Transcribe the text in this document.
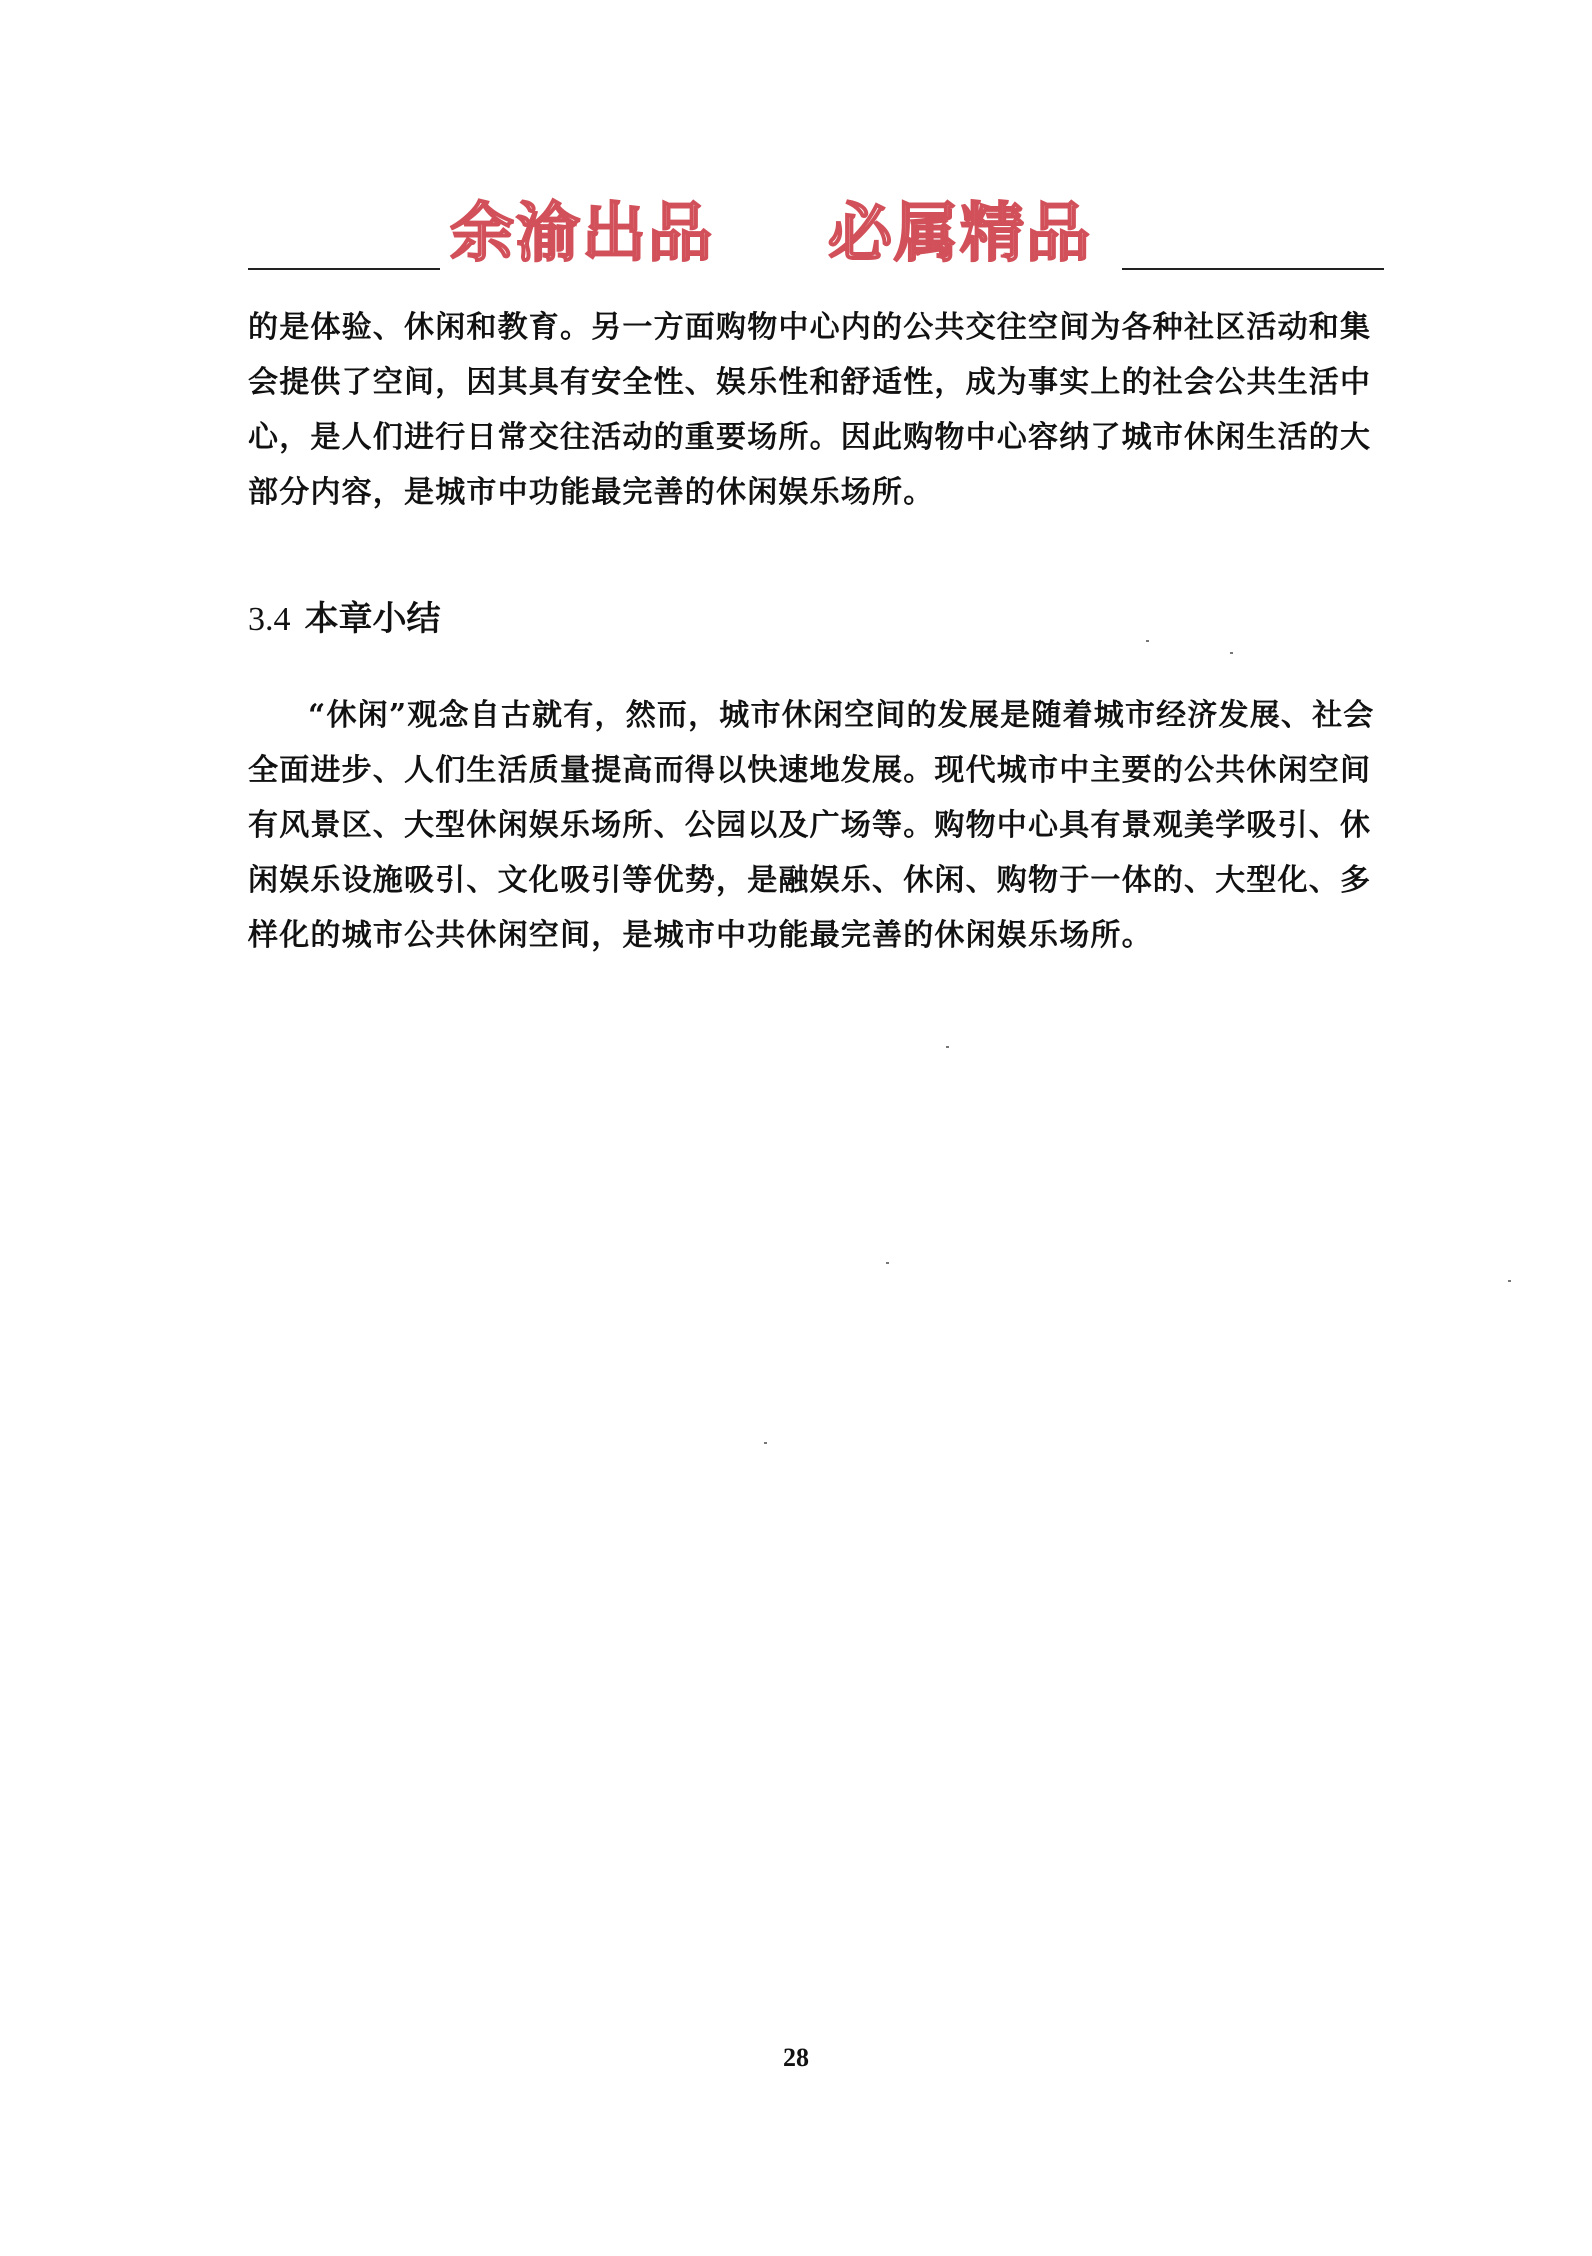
余渝出品 必属精品

的是体验、休闲和教育。另一方面购物中心内的公共交往空间为各种社区活动和集会提供了空间，因其具有安全性、娱乐性和舒适性，成为事实上的社会公共生活中心，是人们进行日常交往活动的重要场所。因此购物中心容纳了城市休闲生活的大部分内容，是城市中功能最完善的休闲娱乐场所。

3.4 本章小结

“休闲”观念自古就有，然而，城市休闲空间的发展是随着城市经济发展、社会全面进步、人们生活质量提高而得以快速地发展。现代城市中主要的公共休闲空间有风景区、大型休闲娱乐场所、公园以及广场等。购物中心具有景观美学吸引、休闲娱乐设施吸引、文化吸引等优势，是融娱乐、休闲、购物于一体的、大型化、多样化的城市公共休闲空间，是城市中功能最完善的休闲娱乐场所。

28
